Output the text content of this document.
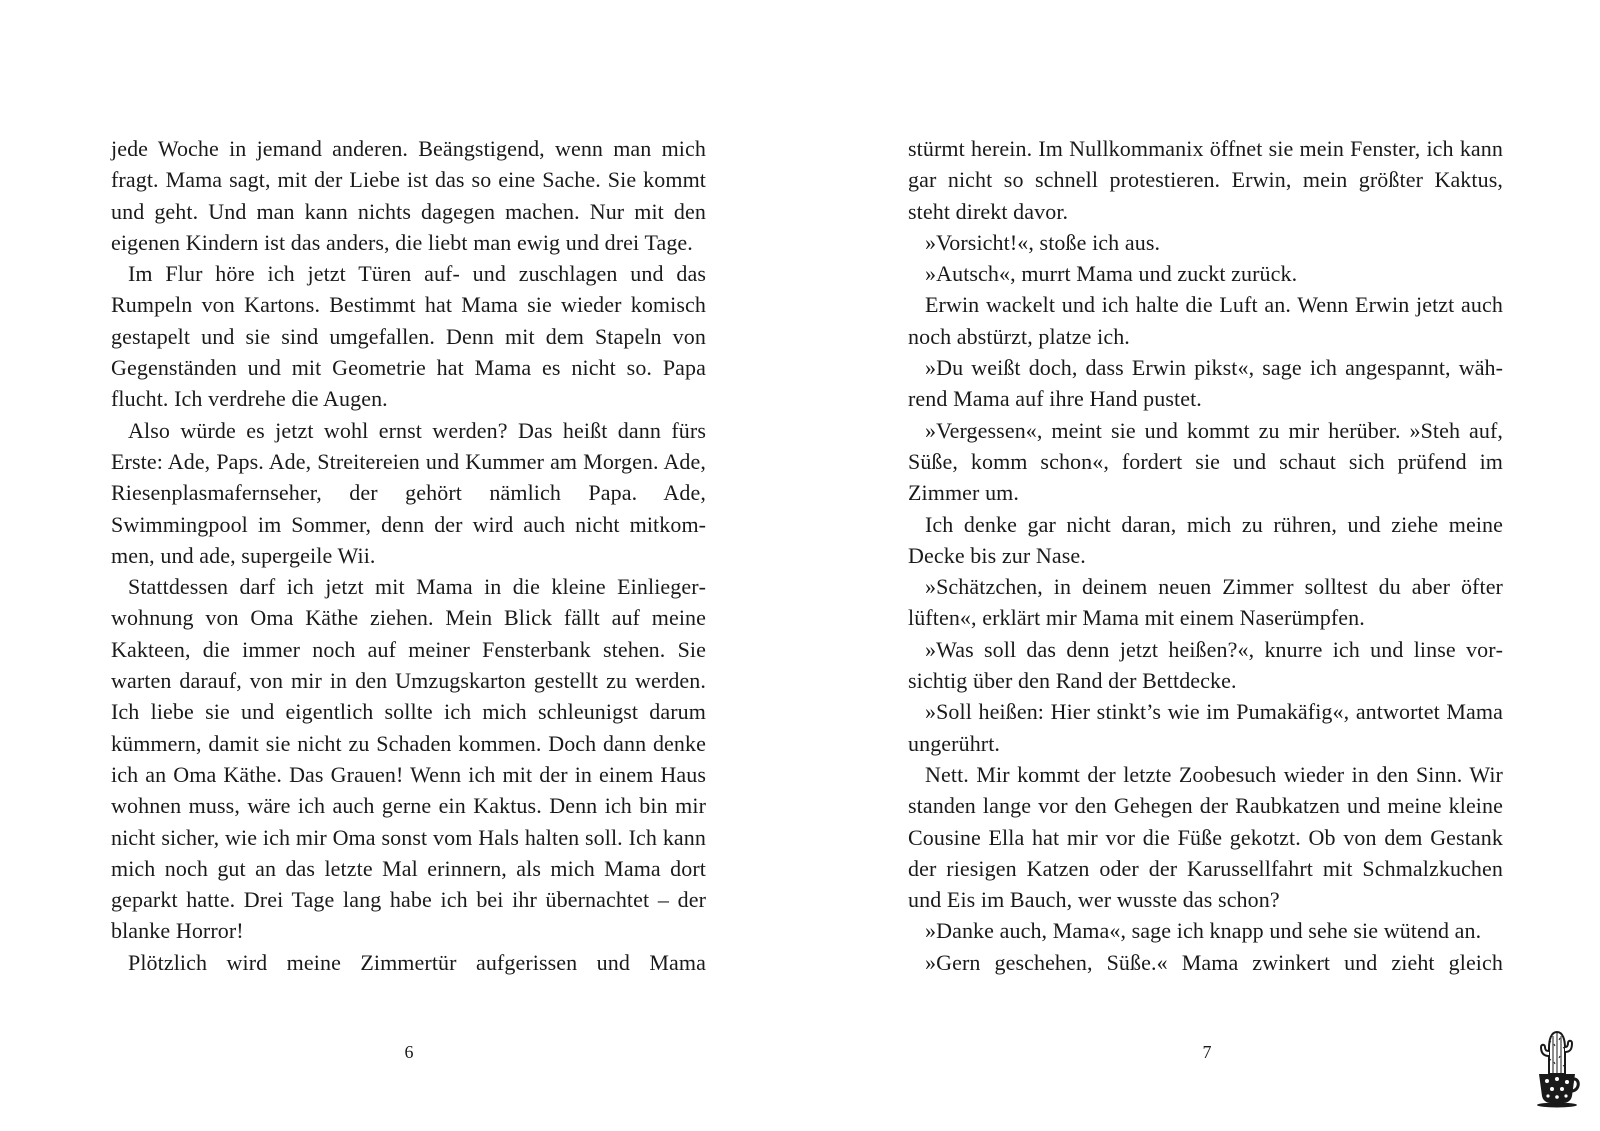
jede Woche in jemand anderen. Beängstigend, wenn man mich fragt. Mama sagt, mit der Liebe ist das so eine Sache. Sie kommt und geht. Und man kann nichts dagegen machen. Nur mit den eigenen Kindern ist das anders, die liebt man ewig und drei Tage.

Im Flur höre ich jetzt Türen auf- und zuschlagen und das Rumpeln von Kartons. Bestimmt hat Mama sie wieder komisch gestapelt und sie sind umgefallen. Denn mit dem Stapeln von Gegenständen und mit Geometrie hat Mama es nicht so. Papa flucht. Ich verdrehe die Augen.

Also würde es jetzt wohl ernst werden? Das heißt dann fürs Erste: Ade, Paps. Ade, Streitereien und Kummer am Morgen. Ade, Riesenplasmafernseher, der gehört nämlich Papa. Ade, Swimmingpool im Sommer, denn der wird auch nicht mitkommen, und ade, supergeile Wii.

Stattdessen darf ich jetzt mit Mama in die kleine Einliegerwohnung von Oma Käthe ziehen. Mein Blick fällt auf meine Kakteen, die immer noch auf meiner Fensterbank stehen. Sie warten darauf, von mir in den Umzugskarton gestellt zu werden. Ich liebe sie und eigentlich sollte ich mich schleunigst darum kümmern, damit sie nicht zu Schaden kommen. Doch dann denke ich an Oma Käthe. Das Grauen! Wenn ich mit der in einem Haus wohnen muss, wäre ich auch gerne ein Kaktus. Denn ich bin mir nicht sicher, wie ich mir Oma sonst vom Hals halten soll. Ich kann mich noch gut an das letzte Mal erinnern, als mich Mama dort geparkt hatte. Drei Tage lang habe ich bei ihr übernachtet – der blanke Horror!

Plötzlich wird meine Zimmertür aufgerissen und Mama

stürmt herein. Im Nullkommanix öffnet sie mein Fenster, ich kann gar nicht so schnell protestieren. Erwin, mein größter Kaktus, steht direkt davor.

»Vorsicht!«, stoße ich aus.

»Autsch«, murrt Mama und zuckt zurück.

Erwin wackelt und ich halte die Luft an. Wenn Erwin jetzt auch noch abstürzt, platze ich.

»Du weißt doch, dass Erwin pikst«, sage ich angespannt, während Mama auf ihre Hand pustet.

»Vergessen«, meint sie und kommt zu mir herüber. »Steh auf, Süße, komm schon«, fordert sie und schaut sich prüfend im Zimmer um.

Ich denke gar nicht daran, mich zu rühren, und ziehe meine Decke bis zur Nase.

»Schätzchen, in deinem neuen Zimmer solltest du aber öfter lüften«, erklärt mir Mama mit einem Naserümpfen.

»Was soll das denn jetzt heißen?«, knurre ich und linse vorsichtig über den Rand der Bettdecke.

»Soll heißen: Hier stinkt’s wie im Pumakäfig«, antwortet Mama ungerührt.

Nett. Mir kommt der letzte Zoobesuch wieder in den Sinn. Wir standen lange vor den Gehegen der Raubkatzen und meine kleine Cousine Ella hat mir vor die Füße gekotzt. Ob von dem Gestank der riesigen Katzen oder der Karussellfahrt mit Schmalzkuchen und Eis im Bauch, wer wusste das schon?

»Danke auch, Mama«, sage ich knapp und sehe sie wütend an.

»Gern geschehen, Süße.« Mama zwinkert und zieht gleich

6	7
